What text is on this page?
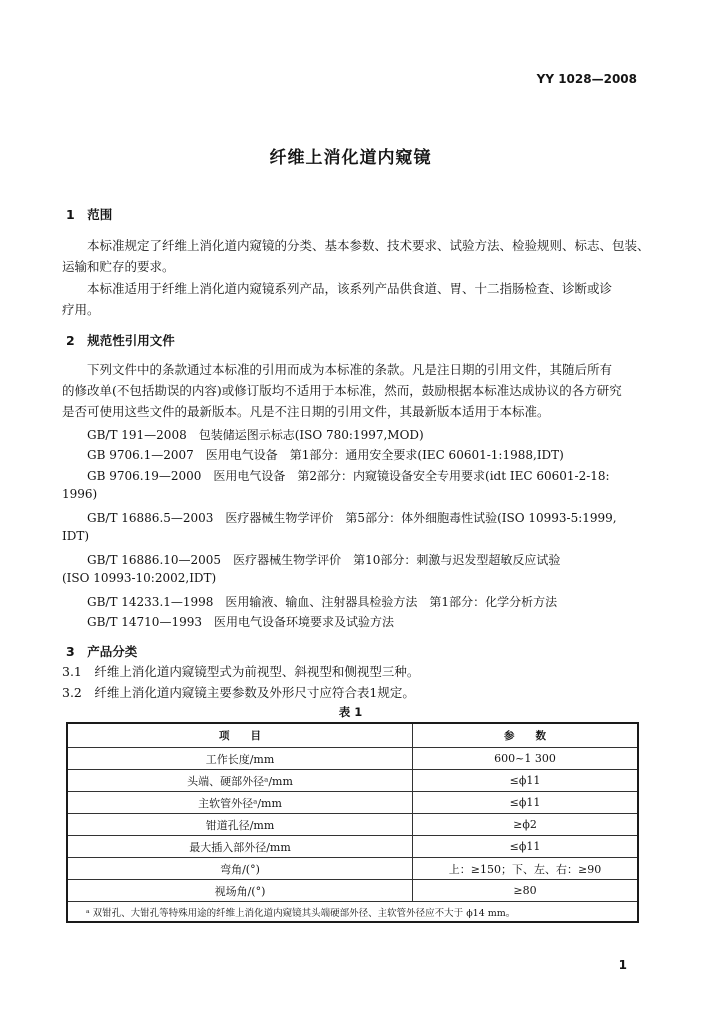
YY 1028—2008
纤维上消化道内窥镜
1　范围
本标准规定了纤维上消化道内窥镜的分类、基本参数、技术要求、试验方法、检验规则、标志、包装、
运输和贮存的要求。
本标准适用于纤维上消化道内窥镜系列产品，该系列产品供食道、胃、十二指肠检查、诊断或诊
疗用。
2　规范性引用文件
下列文件中的条款通过本标准的引用而成为本标准的条款。凡是注日期的引用文件，其随后所有
的修改单(不包括勘误的内容)或修订版均不适用于本标准，然而，鼓励根据本标准达成协议的各方研究
是否可使用这些文件的最新版本。凡是不注日期的引用文件，其最新版本适用于本标准。
GB/T 191—2008　包装储运图示标志(ISO 780:1997,MOD)
GB 9706.1—2007　医用电气设备　第1部分：通用安全要求(IEC 60601-1:1988,IDT)
GB 9706.19—2000　医用电气设备　第2部分：内窥镜设备安全专用要求(idt IEC 60601-2-18:
1996)
GB/T 16886.5—2003　医疗器械生物学评价　第5部分：体外细胞毒性试验(ISO 10993-5:1999,
IDT)
GB/T 16886.10—2005　医疗器械生物学评价　第10部分：刺激与迟发型超敏反应试验
(ISO 10993-10:2002,IDT)
GB/T 14233.1—1998　医用输液、输血、注射器具检验方法　第1部分：化学分析方法
GB/T 14710—1993　医用电气设备环境要求及试验方法
3　产品分类
3.1　纤维上消化道内窥镜型式为前视型、斜视型和侧视型三种。
3.2　纤维上消化道内窥镜主要参数及外形尺寸应符合表1规定。
表 1
项　　目	参　　数
工作长度/mm	600~1 300
头端、硬部外径ᵃ/mm	≤ϕ11
主软管外径ᵃ/mm	≤ϕ11
钳道孔径/mm	≥ϕ2
最大插入部外径/mm	≤ϕ11
弯角/(°)	上：≥150；下、左、右：≥90
视场角/(°)	≥80
ᵃ 双钳孔、大钳孔等特殊用途的纤维上消化道内窥镜其头端硬部外径、主软管外径应不大于 ϕ14 mm。	
1
